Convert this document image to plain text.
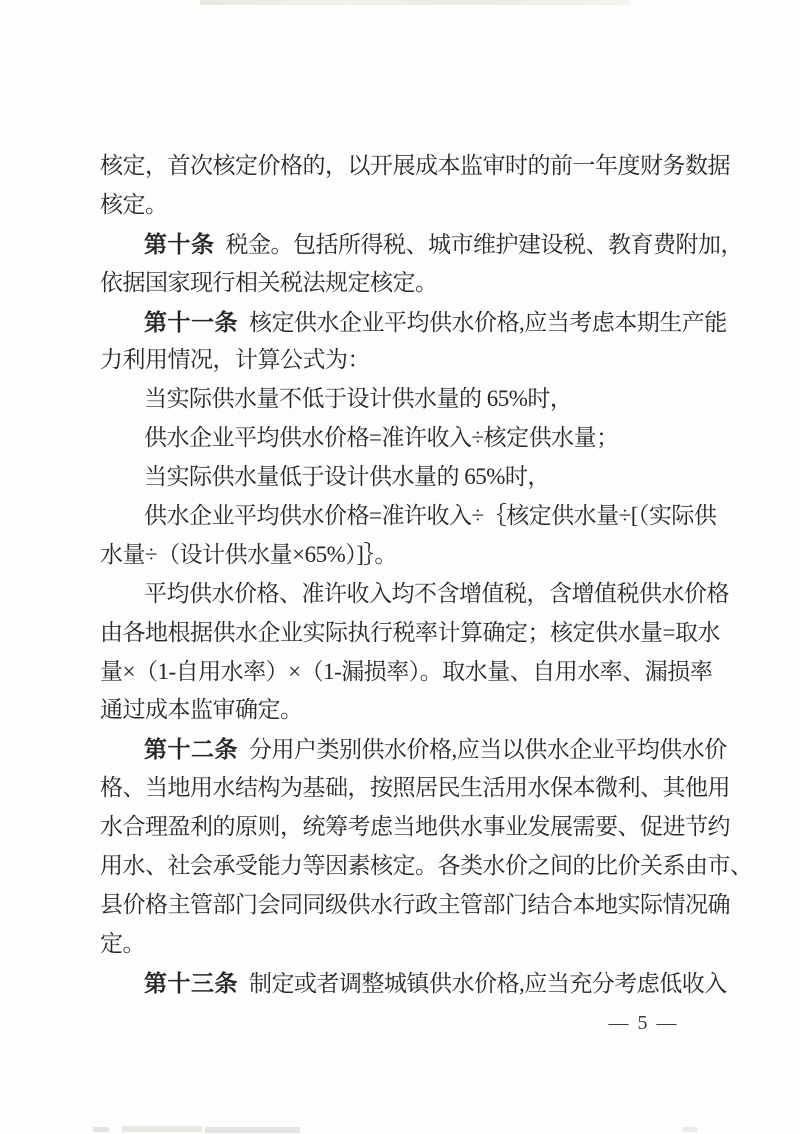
核定，首次核定价格的，以开展成本监审时的前一年度财务数据
核定。
第十条 税金。包括所得税、城市维护建设税、教育费附加，
依据国家现行相关税法规定核定。
第十一条 核定供水企业平均供水价格,应当考虑本期生产能
力利用情况，计算公式为：
当实际供水量不低于设计供水量的 65%时，
供水企业平均供水价格=准许收入÷核定供水量；
当实际供水量低于设计供水量的 65%时，
供水企业平均供水价格=准许收入÷｛核定供水量÷[（实际供
水量÷（设计供水量×65%）]｝。
平均供水价格、准许收入均不含增值税，含增值税供水价格
由各地根据供水企业实际执行税率计算确定；核定供水量=取水
量×（1-自用水率）×（1-漏损率）。取水量、自用水率、漏损率
通过成本监审确定。
第十二条 分用户类别供水价格,应当以供水企业平均供水价
格、当地用水结构为基础，按照居民生活用水保本微利、其他用
水合理盈利的原则，统筹考虑当地供水事业发展需要、促进节约
用水、社会承受能力等因素核定。各类水价之间的比价关系由市、
县价格主管部门会同同级供水行政主管部门结合本地实际情况确
定。
第十三条 制定或者调整城镇供水价格,应当充分考虑低收入
— 5 —
